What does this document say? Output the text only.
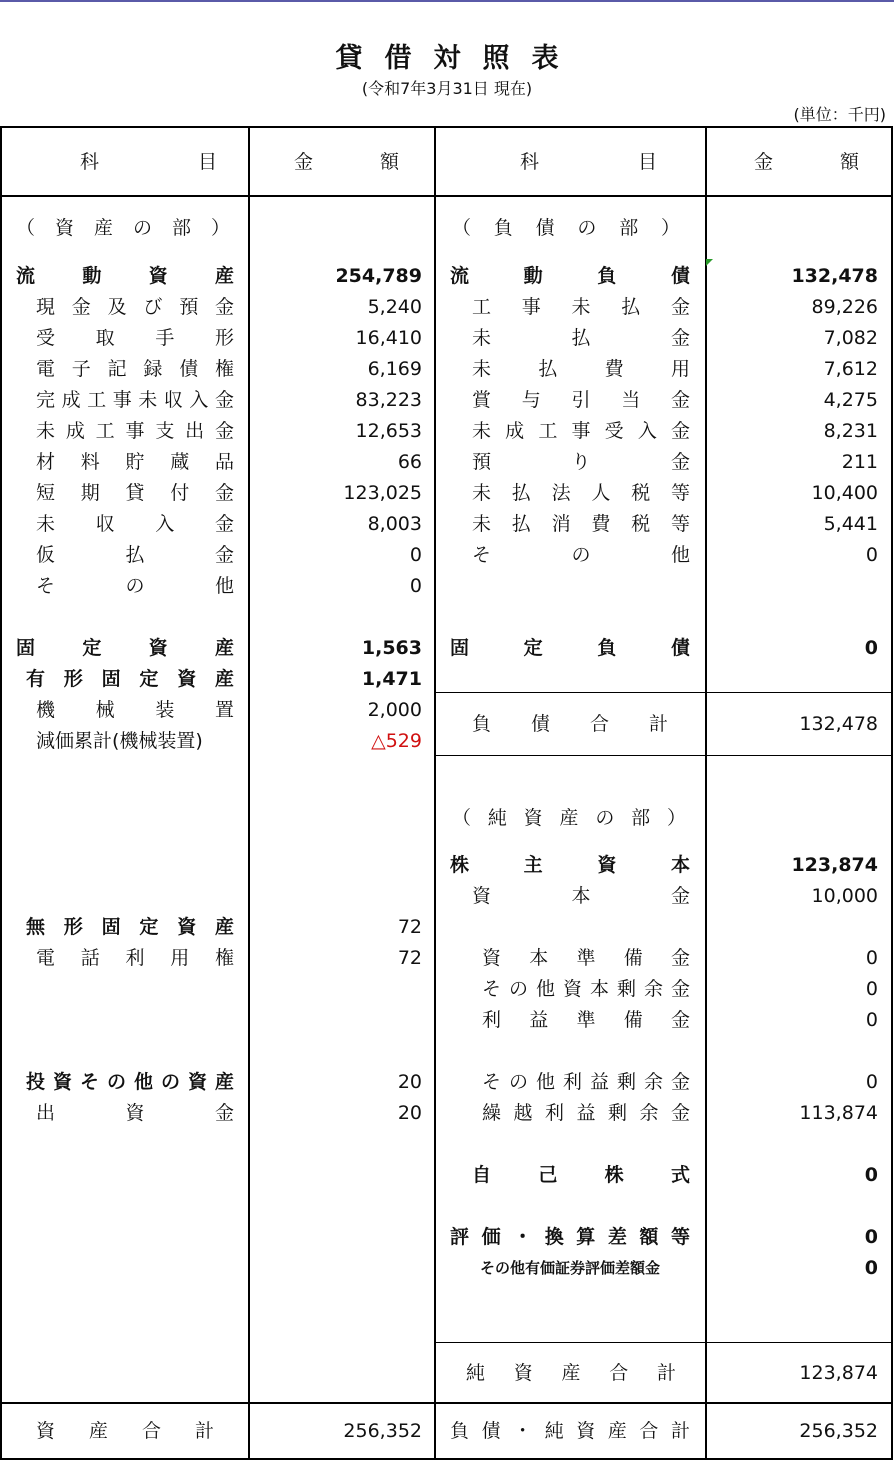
貸借対照表
(令和7年3月31日 現在)
(単位：千円)
科　目	金　額	科　目	金　額
（資産の部）
流動資産	254,789
現金及び預金	5,240
受取手形	16,410
電子記録債権	6,169
完成工事未収入金	83,223
未成工事支出金	12,653
材料貯蔵品	66
短期貸付金	123,025
未収入金	8,003
仮払金	0
その他	0
固定資産	1,563
有形固定資産	1,471
機械装置	2,000
減価累計(機械装置)	△529
無形固定資産	72
電話利用権	72
投資その他の資産	20
出資金	20
資産合計	256,352
（負債の部）
流動負債	132,478
工事未払金	89,226
未払金	7,082
未払費用	7,612
賞与引当金	4,275
未成工事受入金	8,231
預り金	211
未払法人税等	10,400
未払消費税等	5,441
その他	0
固定負債	0
負債合計	132,478
（純資産の部）
株主資本	123,874
資本金	10,000
資本準備金	0
その他資本剰余金	0
利益準備金	0
その他利益剰余金	0
繰越利益剰余金	113,874
自己株式	0
評価・換算差額等	0
その他有価証券評価差額金	0
純資産合計	123,874
負債・純資産合計	256,352
